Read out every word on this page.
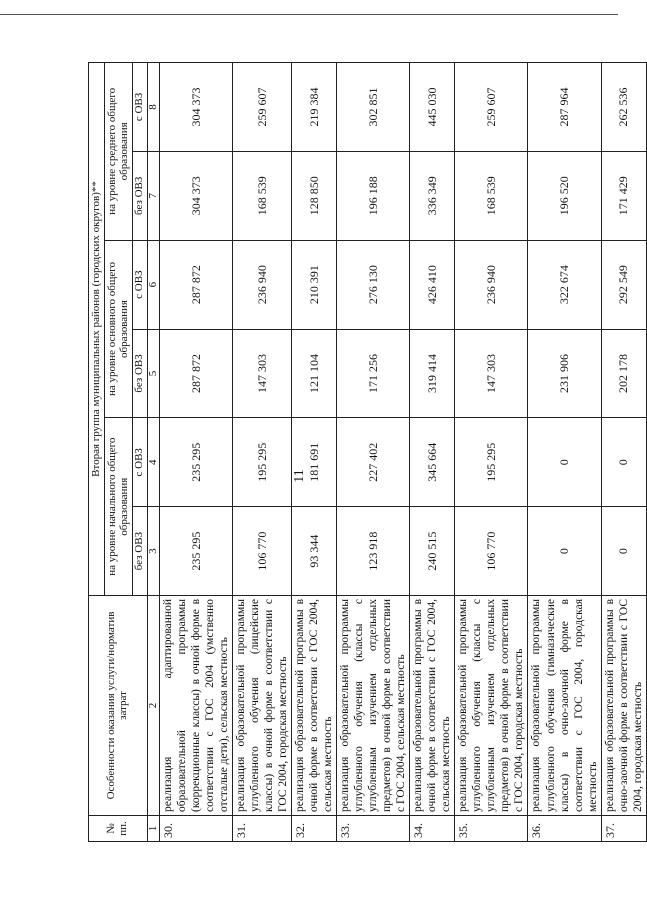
11
№ пп.	Особенности оказания услуги/норматив затрат	Вторая группа муниципальных районов (городских округов)**					
		на уровне начального общего образования		на уровне основного общего образования		на уровне среднего общего образования	
		без ОВЗ	с ОВЗ	без ОВЗ	с ОВЗ	без ОВЗ	с ОВЗ
1	2	3	4	5	6	7	8
30.	реализация адаптированной образовательной программы (коррекционные классы) в очной форме в соответствии с ГОС 2004 (умственно отсталые дети), сельская местность	235 295	235 295	287 872	287 872	304 373	304 373
31.	реализация образовательной программы углубленного обучения (лицейские классы) в очной форме в соответствии с ГОС 2004, городская местность	106 770	195 295	147 303	236 940	168 539	259 607
32.	реализация образовательной программы в очной форме в соответствии с ГОС 2004, сельская местность	93 344	181 691	121 104	210 391	128 850	219 384
33.	реализация образовательной программы углубленного обучения (классы с углубленным изучением отдельных предметов) в очной форме в соответствии с ГОС 2004, сельская местность	123 918	227 402	171 256	276 130	196 188	302 851
34.	реализация образовательной программы в очной форме в соответствии с ГОС 2004, сельская местность	240 515	345 664	319 414	426 410	336 349	445 030
35.	реализация образовательной программы углубленного обучения (классы с углубленным изучением отдельных предметов) в очной форме в соответствии с ГОС 2004, городская местность	106 770	195 295	147 303	236 940	168 539	259 607
36.	реализация образовательной программы углубленного обучения (гимназические классы) в очно-заочной форме в соответствии с ГОС 2004, городская местность	0	0	231 906	322 674	196 520	287 964
37.	реализация образовательной программы в очно-заочной форме в соответствии с ГОС 2004, городская местность	0	0	202 178	292 549	171 429	262 536
